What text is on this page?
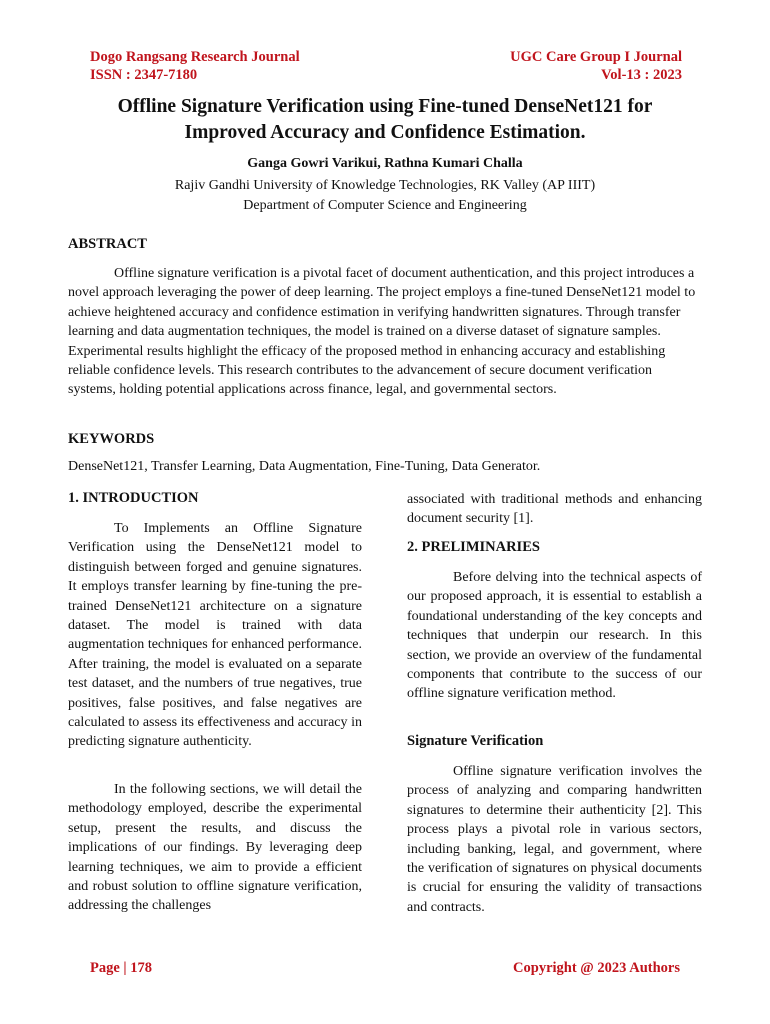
Dogo Rangsang Research Journal
ISSN : 2347-7180
UGC Care Group I Journal
Vol-13 : 2023
Offline Signature Verification using Fine-tuned DenseNet121 for
Improved Accuracy and Confidence Estimation.
Ganga Gowri Varikui, Rathna Kumari Challa
Rajiv Gandhi University of Knowledge Technologies, RK Valley (AP IIIT)
Department of Computer Science and Engineering
ABSTRACT

Offline signature verification is a pivotal facet of document authentication, and this project introduces a novel approach leveraging the power of deep learning. The project employs a fine-tuned DenseNet121 model to achieve heightened accuracy and confidence estimation in verifying handwritten signatures. Through transfer learning and data augmentation techniques, the model is trained on a diverse dataset of signature samples. Experimental results highlight the efficacy of the proposed method in enhancing accuracy and establishing reliable confidence levels. This research contributes to the advancement of secure document verification systems, holding potential applications across finance, legal, and governmental sectors.

KEYWORDS

DenseNet121, Transfer Learning, Data Augmentation, Fine-Tuning, Data Generator.

1. INTRODUCTION

To Implements an Offline Signature Verification using the DenseNet121 model to distinguish between forged and genuine signatures. It employs transfer learning by fine-tuning the pre-trained DenseNet121 architecture on a signature dataset. The model is trained with data augmentation techniques for enhanced performance. After training, the model is evaluated on a separate test dataset, and the numbers of true negatives, true positives, false positives, and false negatives are calculated to assess its effectiveness and accuracy in predicting signature authenticity.

In the following sections, we will detail the methodology employed, describe the experimental setup, present the results, and discuss the implications of our findings. By leveraging deep learning techniques, we aim to provide a efficient and robust solution to offline signature verification, addressing the challenges

associated with traditional methods and enhancing document security [1].

2. PRELIMINARIES

Before delving into the technical aspects of our proposed approach, it is essential to establish a foundational understanding of the key concepts and techniques that underpin our research. In this section, we provide an overview of the fundamental components that contribute to the success of our offline signature verification method.

Signature Verification

Offline signature verification involves the process of analyzing and comparing handwritten signatures to determine their authenticity [2]. This process plays a pivotal role in various sectors, including banking, legal, and government, where the verification of signatures on physical documents is crucial for ensuring the validity of transactions and contracts.

Page | 178	Copyright @ 2023 Authors
